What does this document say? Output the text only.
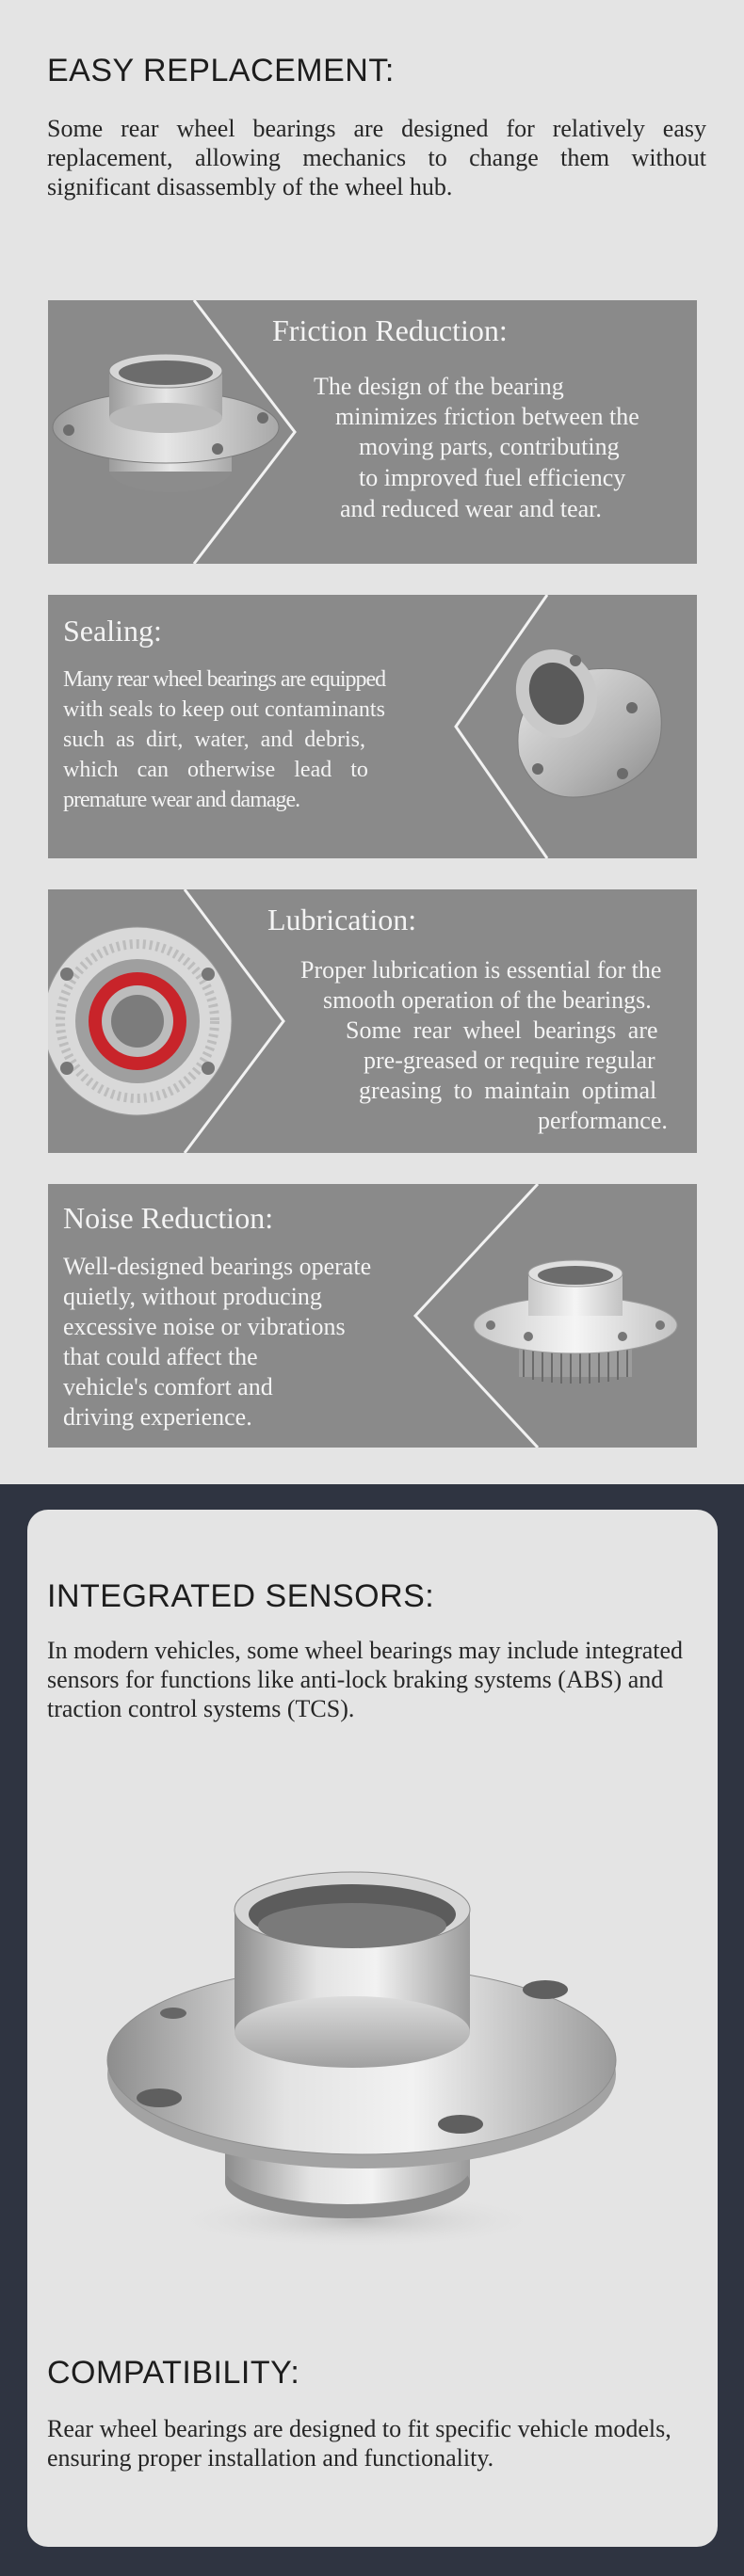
EASY REPLACEMENT:

Some rear wheel bearings are designed for relatively easy replacement, allowing mechanics to change them without significant disassembly of the wheel hub.

Friction Reduction:

The design of the bearing

minimizes friction between the

moving parts, contributing

to improved fuel efficiency

and reduced wear and tear.

Sealing:

Many rear wheel bearings are equipped

with seals to keep out contaminants

such as dirt, water, and debris,

which can otherwise lead to

premature wear and damage.

Lubrication:

Proper lubrication is essential for the

smooth operation of the bearings.

Some rear wheel bearings are

pre-greased or require regular

greasing to maintain optimal

performance.

Noise Reduction:

Well-designed bearings operate

quietly, without producing

excessive noise or vibrations

that could affect the

vehicle's comfort and

driving experience.

INTEGRATED SENSORS:

In modern vehicles, some wheel bearings may include integrated sensors for functions like anti-lock braking systems (ABS) and traction control systems (TCS).

COMPATIBILITY:

Rear wheel bearings are designed to fit specific vehicle models, ensuring proper installation and functionality.
